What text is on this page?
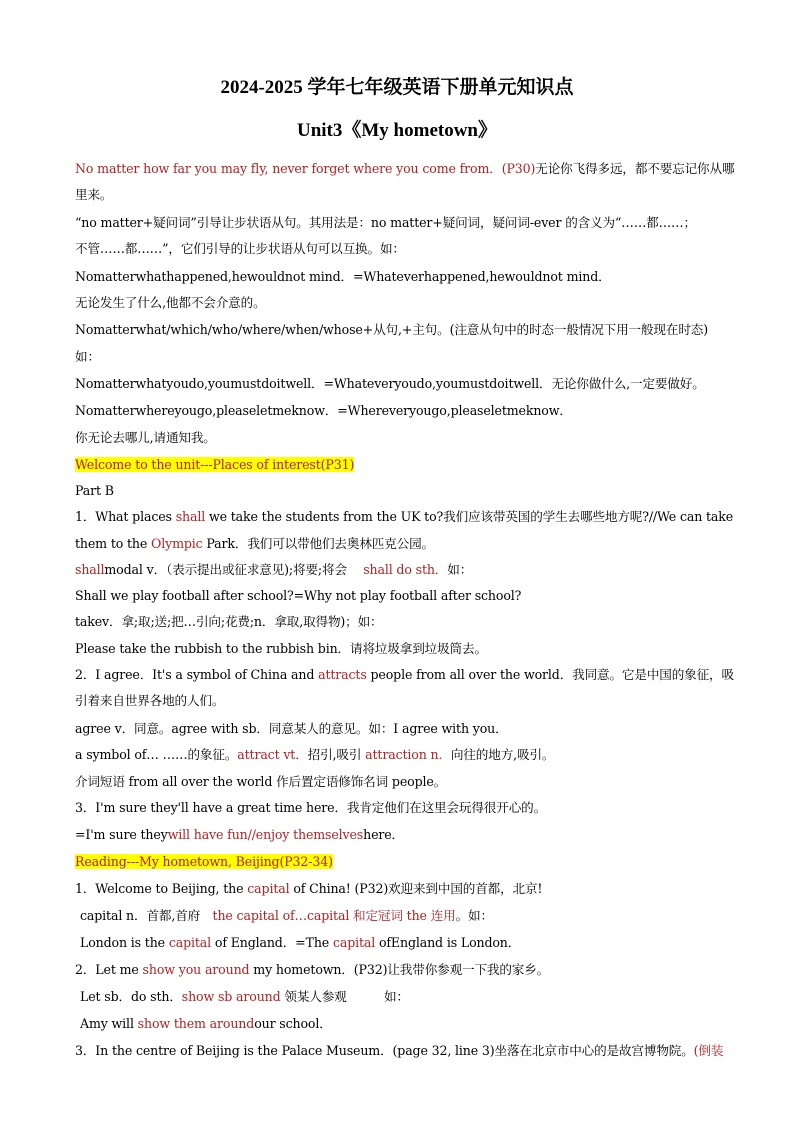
2024-2025 学年七年级英语下册单元知识点
Unit3《My hometown》
No matter how far you may fly, never forget where you come from．(P30)无论你飞得多远，都不要忘记你从哪
里来。
“no matter+疑问词”引导让步状语从句。其用法是：no matter+疑问词，疑问词-ever 的含义为“……都……；
不管……都……”，它们引导的让步状语从句可以互换。如：
Nomatterwhathappened,hewouldnot mind．=Whateverhappened,hewouldnot mind．
无论发生了什么,他都不会介意的。
Nomatterwhat/which/who/where/when/whose+从句,+主句。(注意从句中的时态一般情况下用一般现在时态)
如：
Nomatterwhatyoudo,youmustdoitwell．=Whateveryoudo,youmustdoitwell．无论你做什么,一定要做好。
Nomatterwhereyougo,pleaseletmeknow．=Whereveryougo,pleaseletmeknow．
你无论去哪儿,请通知我。
Welcome to the unit---Places of interest(P31)
Part B
1．What places shall we take the students from the UK to?我们应该带英国的学生去哪些地方呢?//We can take
them to the Olympic Park．我们可以带他们去奥林匹克公园。
shallmodal v．（表示提出或征求意见);将要;将会　 shall do sth．如：
Shall we play football after school?=Why not play football after school?
takev．拿;取;送;把…引向;花费;n．拿取,取得物)；如：
Please take the rubbish to the rubbish bin．请将垃圾拿到垃圾筒去。
2．I agree．It's a symbol of China and attracts people from all over the world．我同意。它是中国的象征，吸
引着来自世界各地的人们。
agree v．同意。agree with sb．同意某人的意见。如：I agree with you．
a symbol of… ……的象征。attract vt．招引,吸引 attraction n．向往的地方,吸引。
介词短语 from all over the world 作后置定语修饰名词 people。
3．I'm sure they'll have a great time here．我肯定他们在这里会玩得很开心的。
=I'm sure theywill have fun//enjoy themselveshere．
Reading---My hometown, Beijing(P32-34)
1．Welcome to Beijing, the capital of China! (P32)欢迎来到中国的首都，北京!
capital n．首都,首府　the capital of…capital 和定冠词 the 连用。如：
London is the capital of England．=The capital ofEngland is London．
2．Let me show you around my hometown．(P32)让我带你参观一下我的家乡。
Let sb．do sth．show sb around 领某人参观　　　如：
Amy will show them aroundour school．
3．In the centre of Beijing is the Palace Museum．(page 32, line 3)坐落在北京市中心的是故宫博物院。(倒装
